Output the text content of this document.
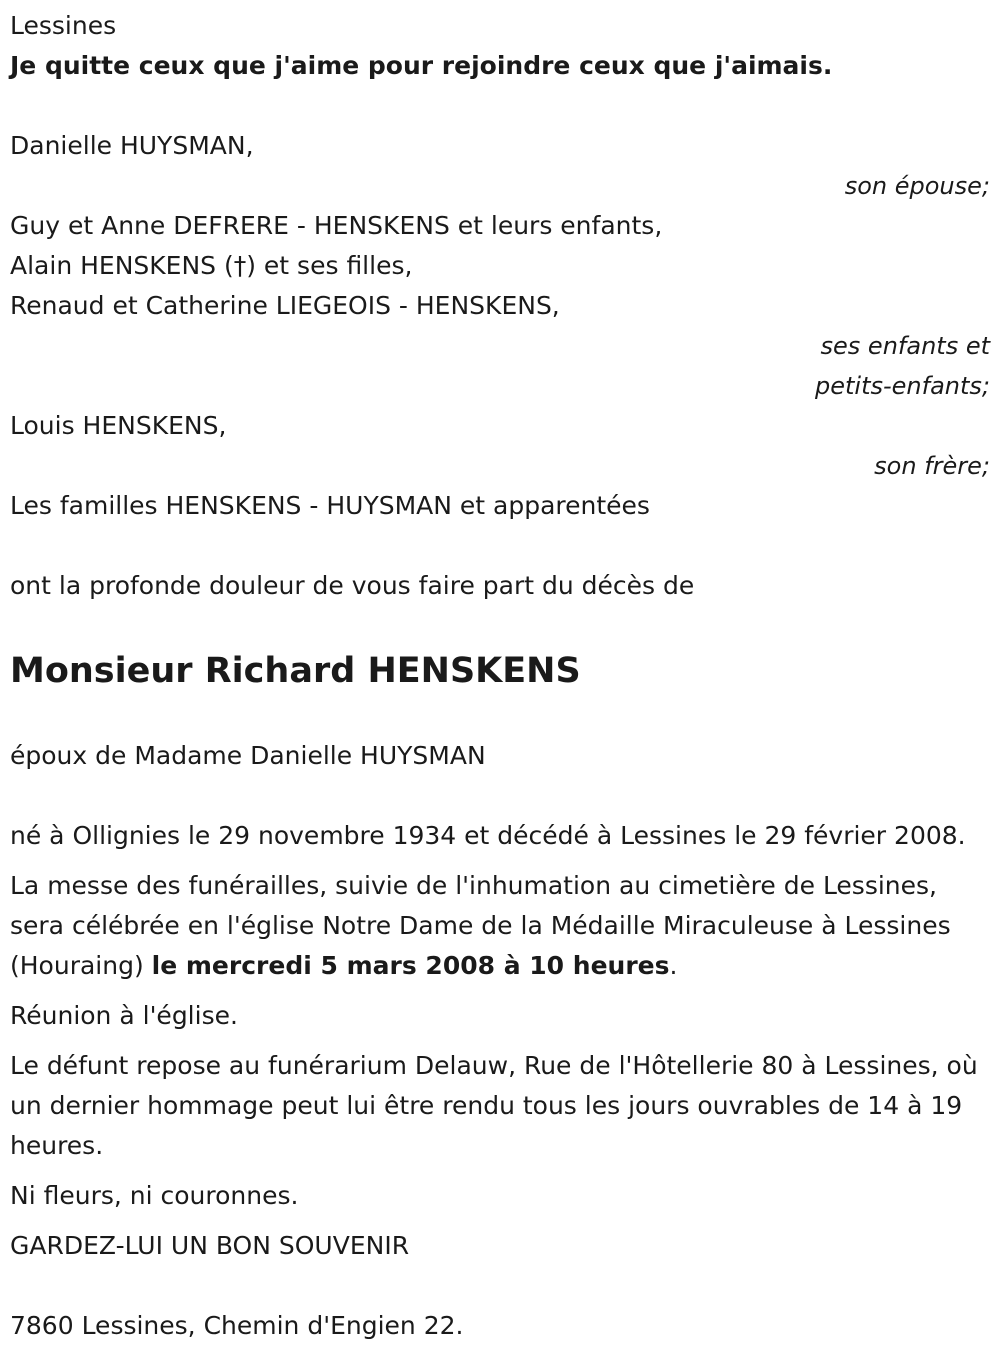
Lessines

Je quitte ceux que j'aime pour rejoindre ceux que j'aimais.

Danielle HUYSMAN,

son épouse;

Guy et Anne DEFRERE - HENSKENS et leurs enfants,

Alain HENSKENS (†) et ses filles,

Renaud et Catherine LIEGEOIS - HENSKENS,

ses enfants et

petits-enfants;

Louis HENSKENS,

son frère;

Les familles HENSKENS - HUYSMAN et apparentées

ont la profonde douleur de vous faire part du décès de

Monsieur Richard HENSKENS

époux de Madame Danielle HUYSMAN

né à Ollignies le 29 novembre 1934 et décédé à Lessines le 29 février 2008.

La messe des funérailles, suivie de l'inhumation au cimetière de Lessines, sera célébrée en l'église Notre Dame de la Médaille Miraculeuse à Lessines (Houraing) le mercredi 5 mars 2008 à 10 heures.

Réunion à l'église.

Le défunt repose au funérarium Delauw, Rue de l'Hôtellerie 80 à Lessines, où un dernier hommage peut lui être rendu tous les jours ouvrables de 14 à 19 heures.

Ni fleurs, ni couronnes.

GARDEZ-LUI UN BON SOUVENIR

7860 Lessines, Chemin d'Engien 22.
